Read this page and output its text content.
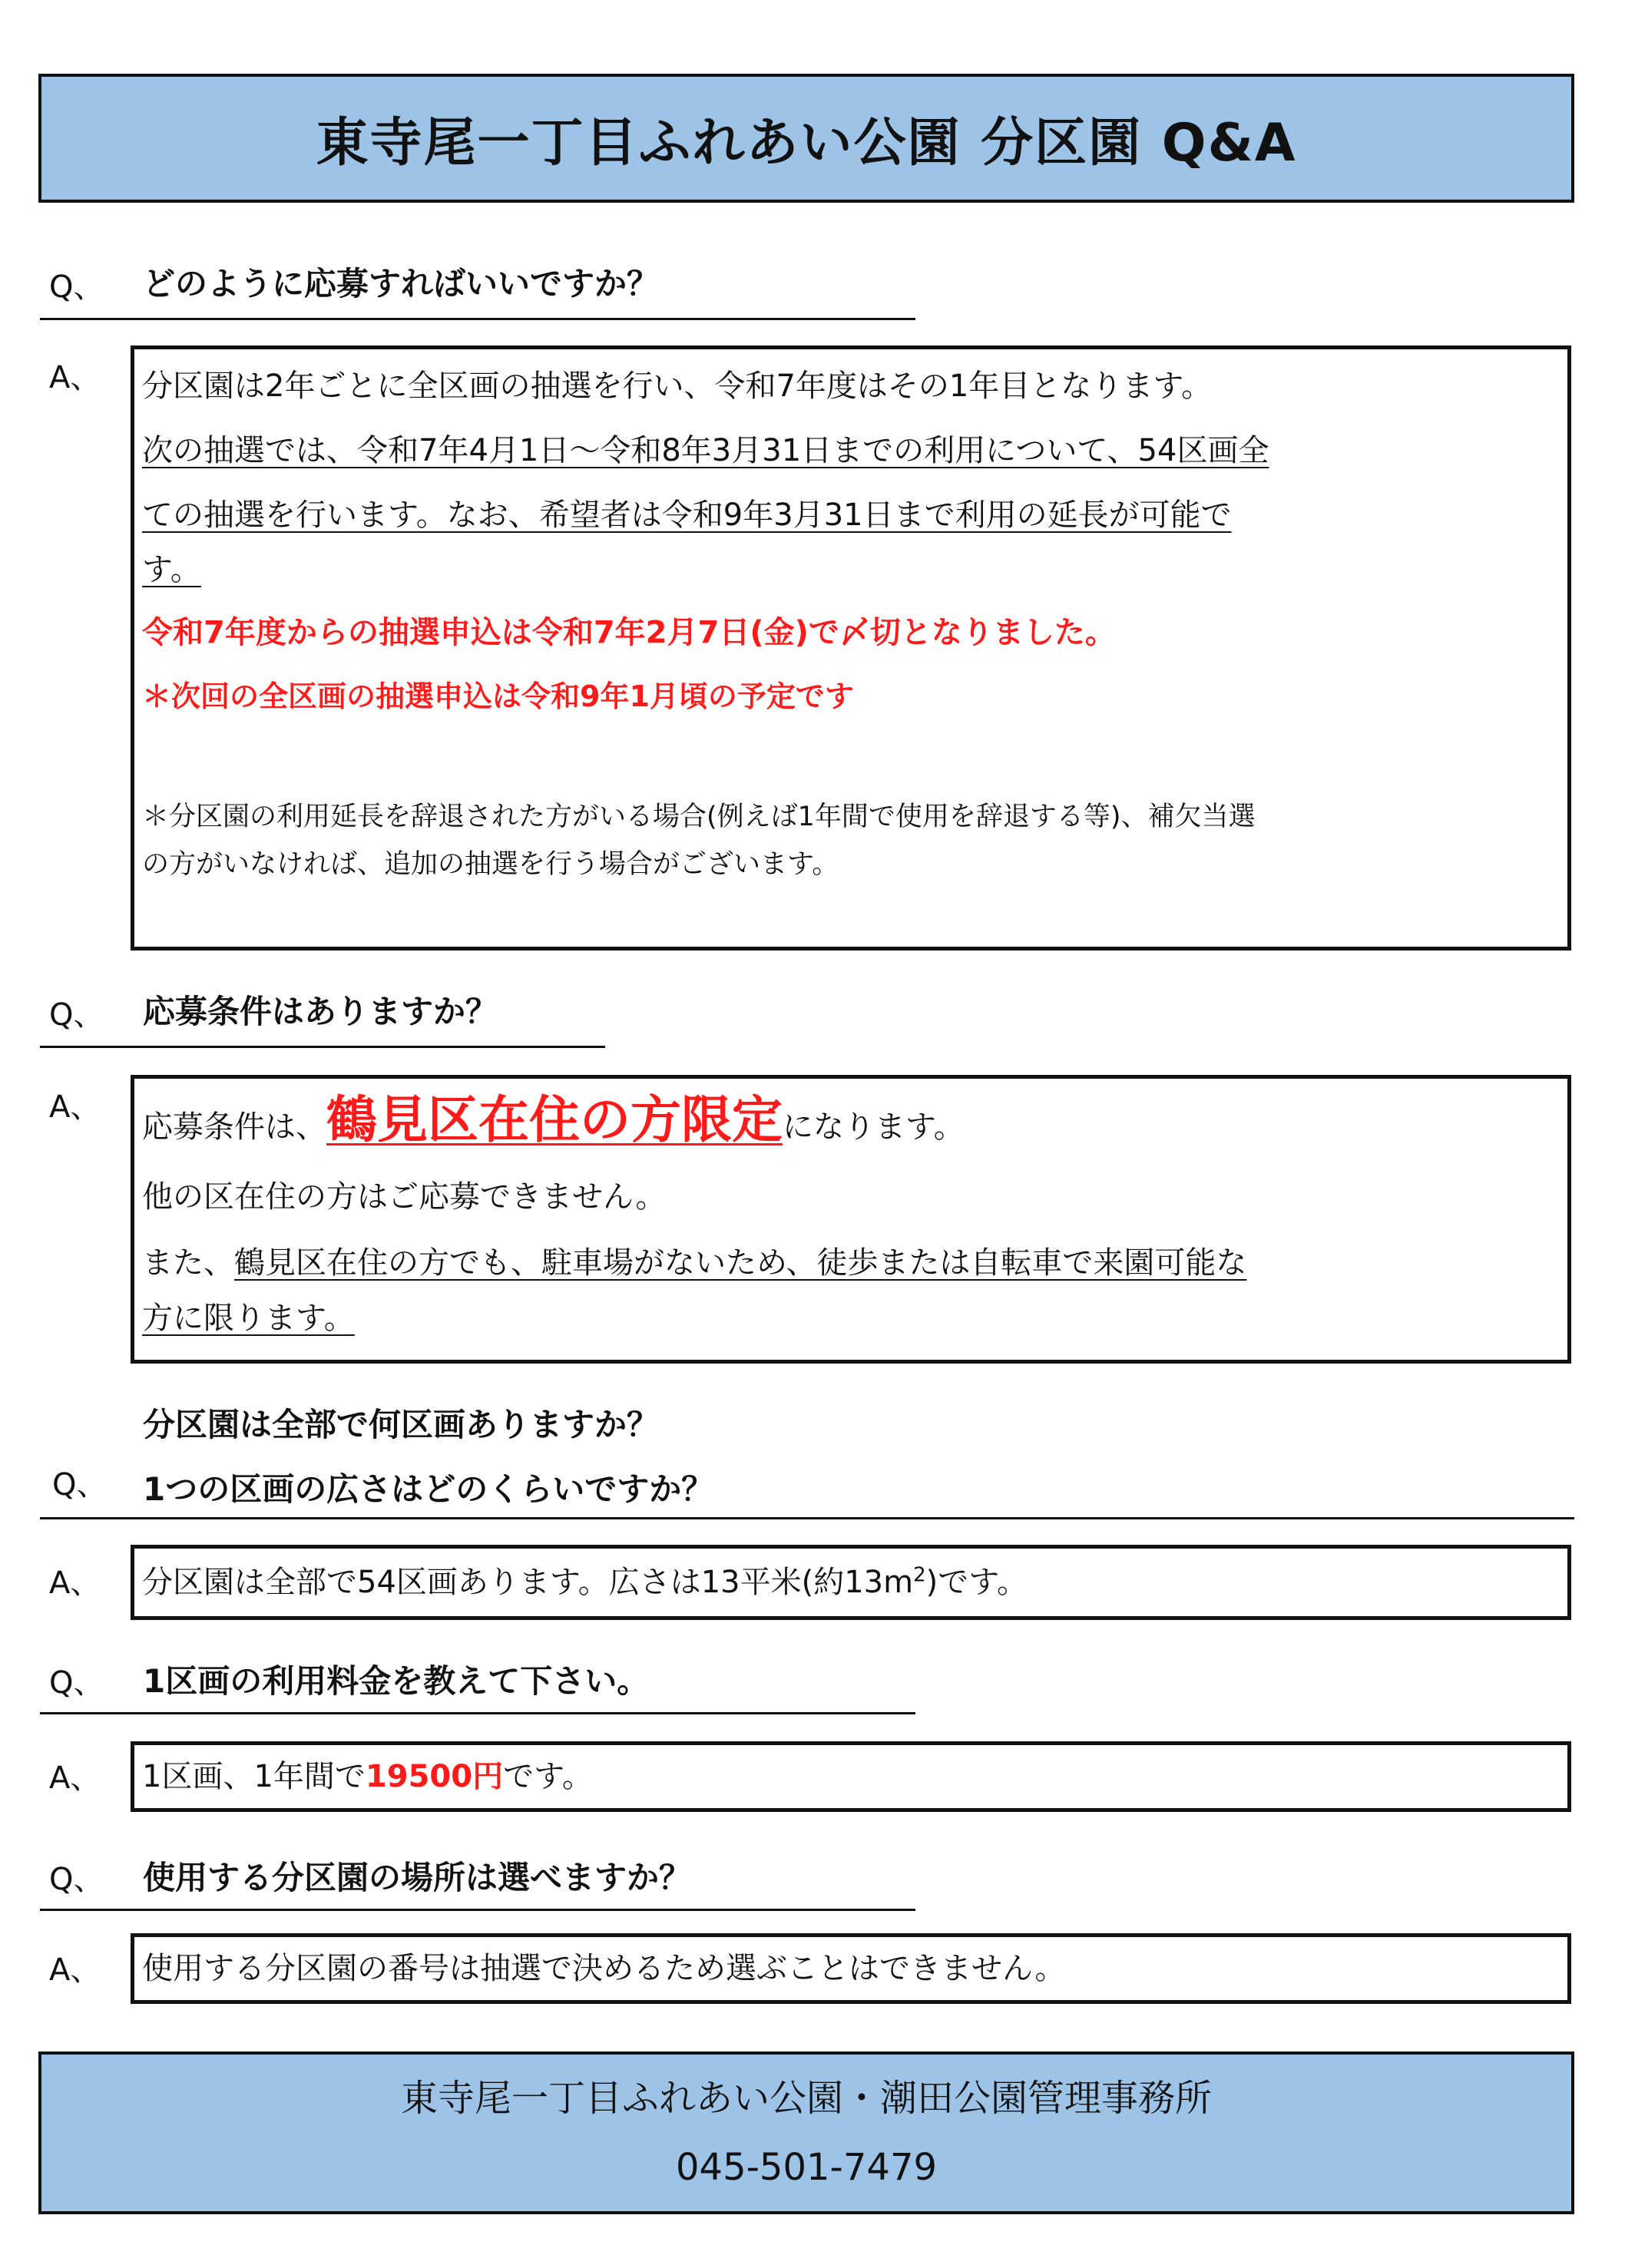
東寺尾一丁目ふれあい公園 分区園 Q&A
Q、 どのように応募すればいいですか？
A、 分区園は2年ごとに全区画の抽選を行い、令和7年度はその1年目となります。

次の抽選では、令和7年4月1日～令和8年3月31日までの利用について、54区画全

ての抽選を行います。なお、希望者は令和9年3月31日まで利用の延長が可能で

す。

令和7年度からの抽選申込は令和7年2月7日(金)で〆切となりました。

＊次回の全区画の抽選申込は令和9年1月頃の予定です

＊分区園の利用延長を辞退された方がいる場合(例えば1年間で使用を辞退する等)、補欠当選

の方がいなければ、追加の抽選を行う場合がございます。

Q、 応募条件はありますか？
A、

応募条件は、鶴見区在住の方限定になります。

他の区在住の方はご応募できません。

また、鶴見区在住の方でも、駐車場がないため、徒歩または自転車で来園可能な

方に限ります。

分区園は全部で何区画ありますか？
Q、 1つの区画の広さはどのくらいですか？
A、 分区園は全部で54区画あります。広さは13平米(約$13m^2$)です。

Q、 1区画の利用料金を教えて下さい。
A、 1区画、1年間で19500円です。

Q、 使用する分区園の場所は選べますか？
A、 使用する分区園の番号は抽選で決めるため選ぶことはできません。

東寺尾一丁目ふれあい公園・潮田公園管理事務所
045-501-7479
